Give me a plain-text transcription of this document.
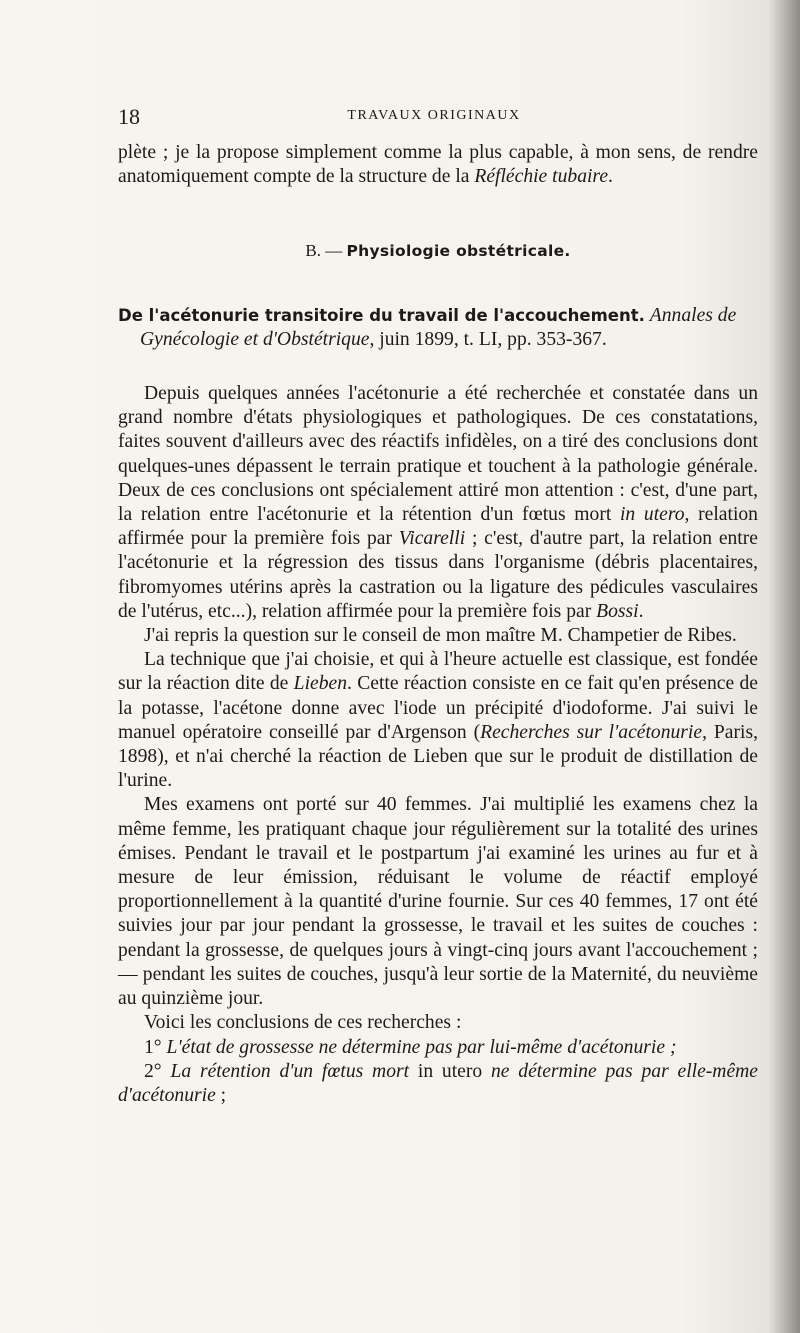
18	TRAVAUX ORIGINAUX

plète ; je la propose simplement comme la plus capable, à mon sens, de rendre anatomiquement compte de la structure de la Réfléchie tubaire.

B. — Physiologie obstétricale.

De l'acétonurie transitoire du travail de l'accouchement. Annales de
Gynécologie et d'Obstétrique, juin 1899, t. LI, pp. 353-367.

Depuis quelques années l'acétonurie a été recherchée et constatée dans un grand nombre d'états physiologiques et pathologiques. De ces constatations, faites souvent d'ailleurs avec des réactifs infidèles, on a tiré des conclusions dont quelques-unes dépassent le terrain pratique et touchent à la pathologie générale. Deux de ces conclusions ont spécialement attiré mon attention : c'est, d'une part, la relation entre l'acétonurie et la rétention d'un fœtus mort in utero, relation affirmée pour la première fois par Vicarelli ; c'est, d'autre part, la relation entre l'acétonurie et la régression des tissus dans l'organisme (débris placentaires, fibromyomes utérins après la castration ou la ligature des pédicules vasculaires de l'utérus, etc...), relation affirmée pour la première fois par Bossi.

J'ai repris la question sur le conseil de mon maître M. Champetier de Ribes.

La technique que j'ai choisie, et qui à l'heure actuelle est classique, est fondée sur la réaction dite de Lieben. Cette réaction consiste en ce fait qu'en présence de la potasse, l'acétone donne avec l'iode un précipité d'iodoforme. J'ai suivi le manuel opératoire conseillé par d'Argenson (Recherches sur l'acétonurie, Paris, 1898), et n'ai cherché la réaction de Lieben que sur le produit de distillation de l'urine.

Mes examens ont porté sur 40 femmes. J'ai multiplié les examens chez la même femme, les pratiquant chaque jour régulièrement sur la totalité des urines émises. Pendant le travail et le postpartum j'ai examiné les urines au fur et à mesure de leur émission, réduisant le volume de réactif employé proportionnellement à la quantité d'urine fournie. Sur ces 40 femmes, 17 ont été suivies jour par jour pendant la grossesse, le travail et les suites de couches : pendant la grossesse, de quelques jours à vingt-cinq jours avant l'accouchement ; — pendant les suites de couches, jusqu'à leur sortie de la Maternité, du neuvième au quinzième jour.

Voici les conclusions de ces recherches :

1° L'état de grossesse ne détermine pas par lui-même d'acétonurie ;

2° La rétention d'un fœtus mort in utero ne détermine pas par elle-même d'acétonurie ;
